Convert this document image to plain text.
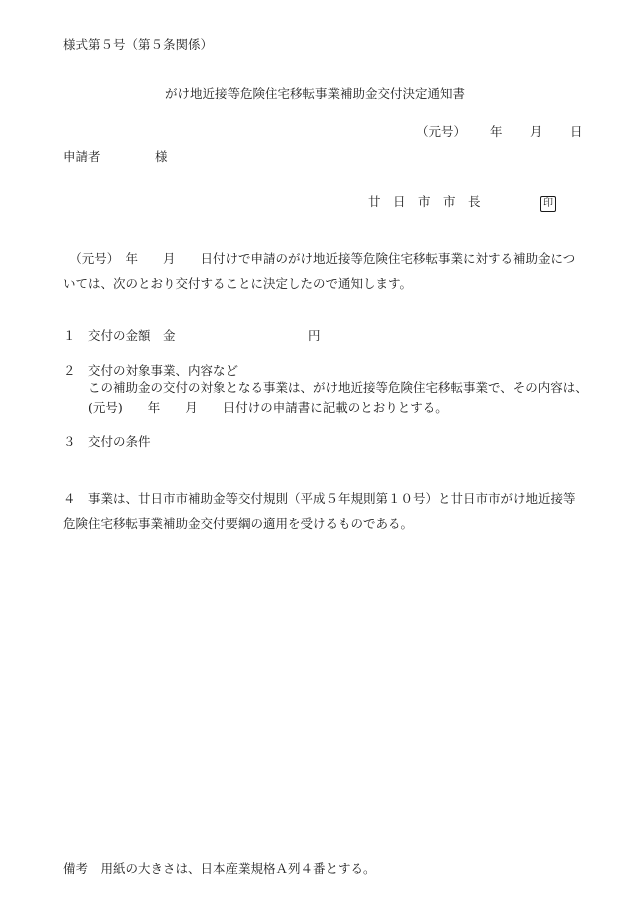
様式第５号（第５条関係）
がけ地近接等危険住宅移転事業補助金交付決定通知書
（元号） 年 月 日
申請者	様
廿　日　市　市　長	印
　（元号）　年　　月　　日付けで申請のがけ地近接等危険住宅移転事業に対する補助金については、次のとおり交付することに決定したので通知します。
１　交付の金額　金	円
２　交付の対象事業、内容など
この補助金の交付の対象となる事業は、がけ地近接等危険住宅移転事業で、その内容は、(元号)　　年　　月　　日付けの申請書に記載のとおりとする。
３　交付の条件
４　事業は、廿日市市補助金等交付規則（平成５年規則第１０号）と廿日市市がけ地近接等危険住宅移転事業補助金交付要綱の適用を受けるものである。
備考　用紙の大きさは、日本産業規格Ａ列４番とする。
